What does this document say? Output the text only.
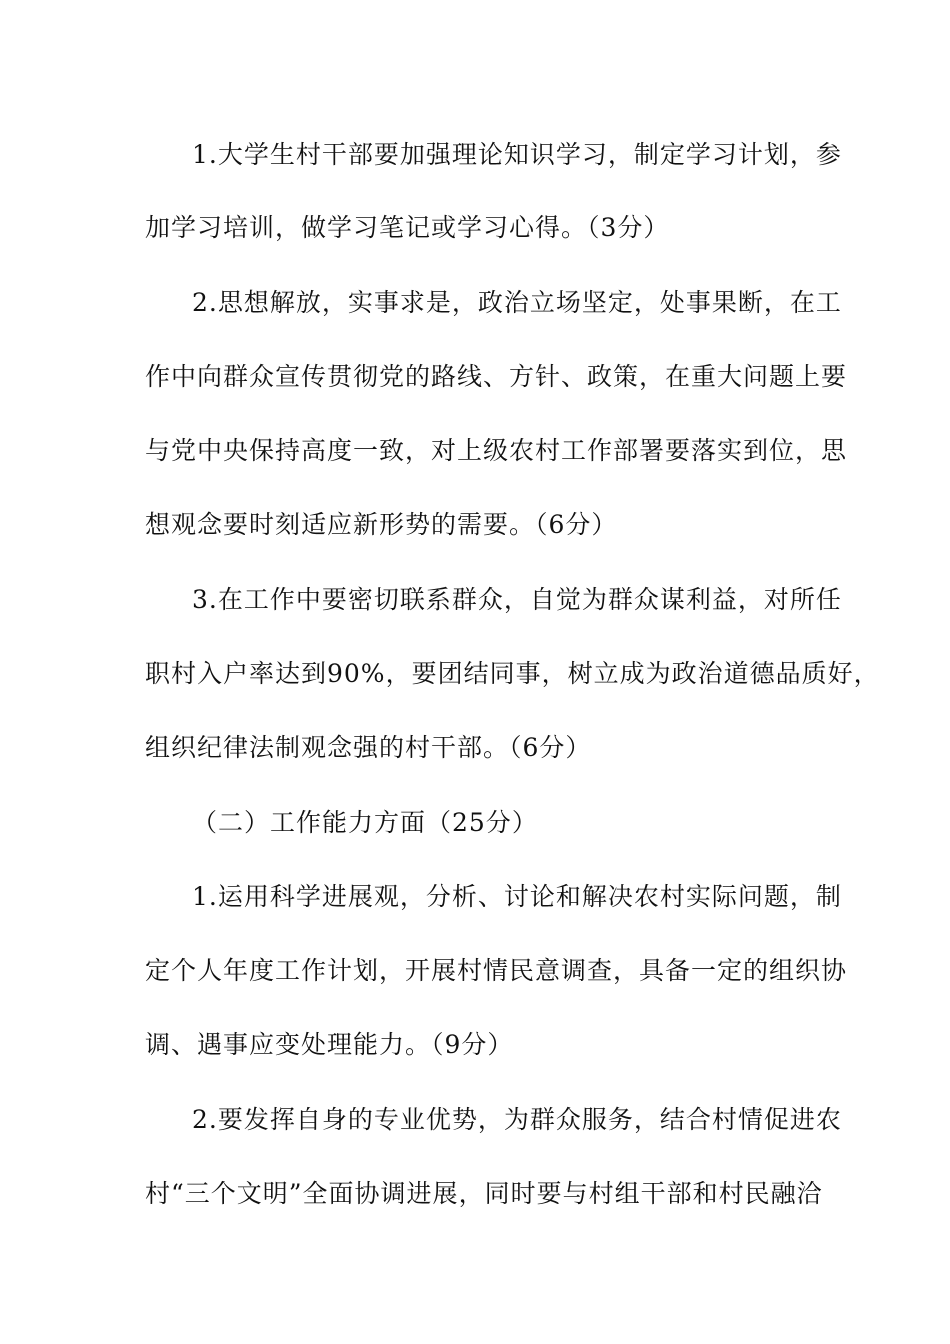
1.大学生村干部要加强理论知识学习，制定学习计划，参
加学习培训，做学习笔记或学习心得。（3分）
2.思想解放，实事求是，政治立场坚定，处事果断，在工
作中向群众宣传贯彻党的路线、方针、政策，在重大问题上要
与党中央保持高度一致，对上级农村工作部署要落实到位，思
想观念要时刻适应新形势的需要。（6分）
3.在工作中要密切联系群众，自觉为群众谋利益，对所任
职村入户率达到90%，要团结同事，树立成为政治道德品质好，
组织纪律法制观念强的村干部。（6分）
（二）工作能力方面（25分）
1.运用科学进展观，分析、讨论和解决农村实际问题，制
定个人年度工作计划，开展村情民意调查，具备一定的组织协
调、遇事应变处理能力。（9分）
2.要发挥自身的专业优势，为群众服务，结合村情促进农
村“三个文明”全面协调进展，同时要与村组干部和村民融洽
